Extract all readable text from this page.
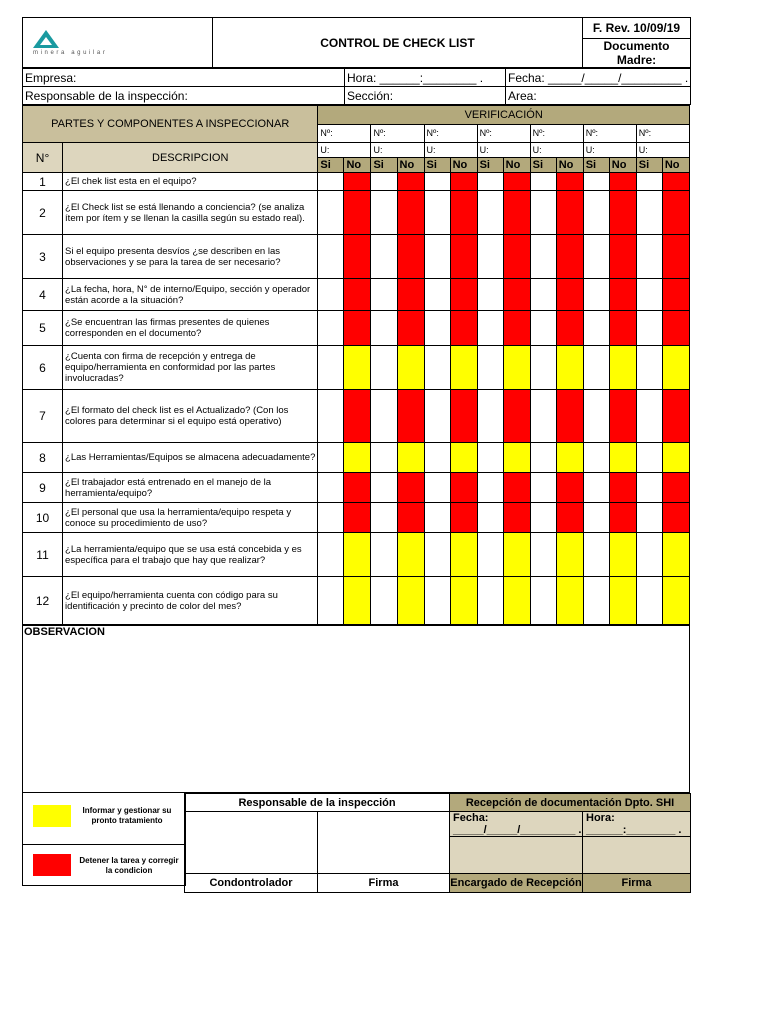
minera aguilar
	CONTROL DE CHECK LIST	F. Rev. 10/09/19
Documento Madre:
Empresa:	Hora: ______:________ .	Fecha: _____/_____/_________ .
Responsable de la inspección:	Sección:	Area:
PARTES Y COMPONENTES A INSPECCIONAR		VERIFICACIÓN													
		Nº:		Nº:		Nº:		Nº:		Nº:		Nº:		Nº:	
N°	DESCRIPCION	U:		U:		U:		U:		U:		U:		U:	
		Si	No	Si	No	Si	No	Si	No	Si	No	Si	No	Si	No
1	¿El chek list esta en el equipo?														
2	¿El Check list se está llenando a conciencia? (se analiza ítem por ítem y se llenan la casilla según su estado real).														
3	Si el equipo presenta desvíos ¿se describen en las observaciones y se para la tarea de ser necesario?														
4	¿La fecha, hora, N° de interno/Equipo, sección y operador están acorde a la situación?														
5	¿Se encuentran las firmas presentes de quienes corresponden en el documento?														
6	¿Cuenta con firma de recepción y entrega de equipo/herramienta en conformidad por las partes involucradas?														
7	¿El formato del check list es el Actualizado? (Con los colores para determinar si el equipo está operativo)														
8	¿Las Herramientas/Equipos se almacena adecuadamente?														
9	¿El trabajador está entrenado en el manejo de la herramienta/equipo?														
10	¿El personal que usa la herramienta/equipo respeta y conoce su procedimiento de uso?														
11	¿La herramienta/equipo que se usa está concebida y es específica para el trabajo que hay que realizar?														
12	¿El equipo/herramienta cuenta con código para su identificación y precinto de color del mes?														
OBSERVACION
Informar y gestionar su pronto tratamiento
Detener la tarea y corregir la condicion
Responsable de la inspección		Recepción de documentación Dpto. SHI	
		Fecha: _____/_____/_________ .	Hora: ______:________ .

Condontrolador	Firma	Encargado de Recepción	Firma
